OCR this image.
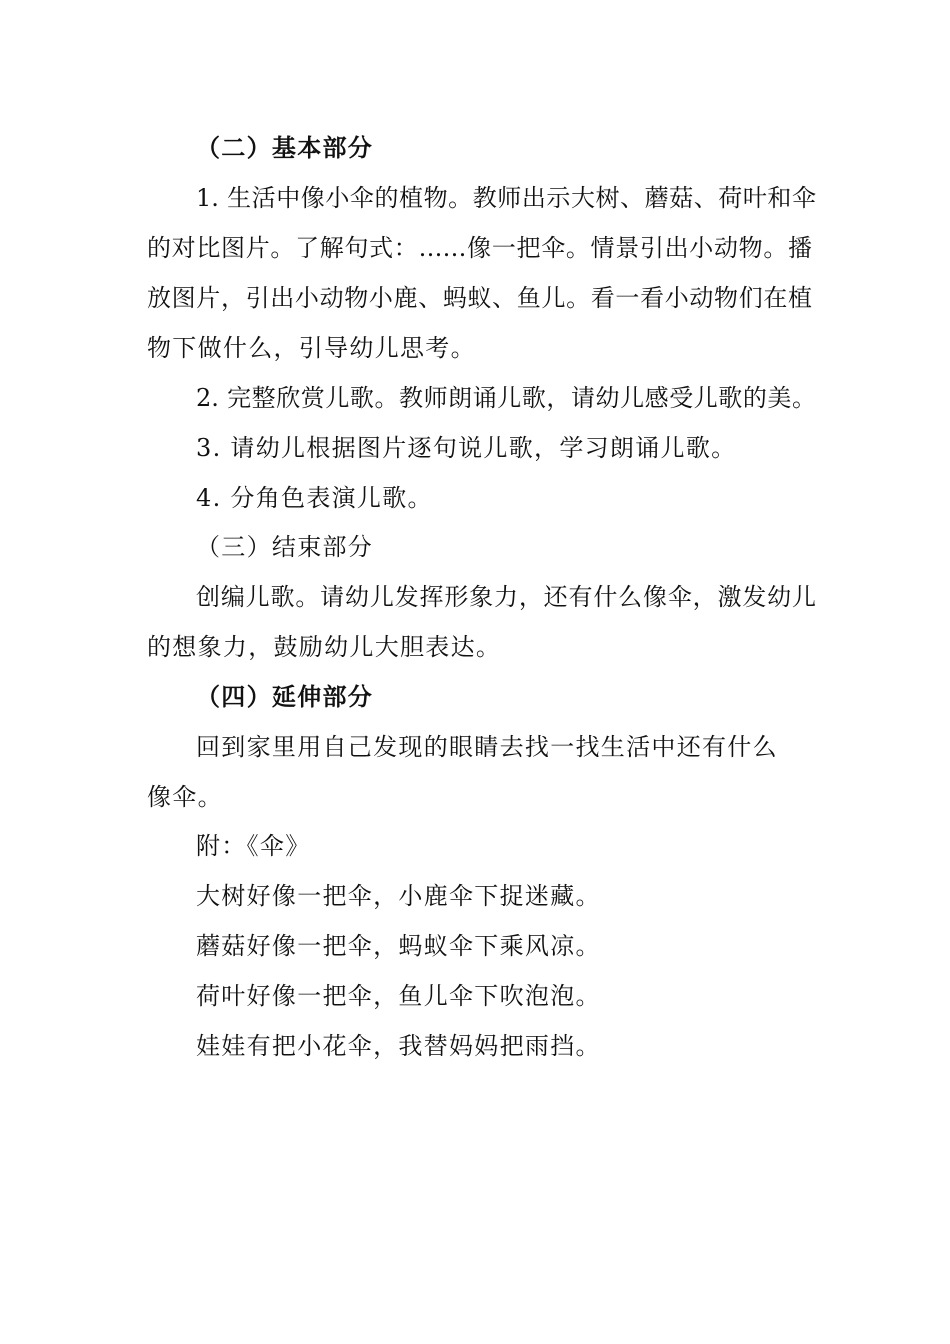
（二）基本部分
1. 生活中像小伞的植物。教师出示大树、蘑菇、荷叶和伞
的对比图片。了解句式：……像一把伞。情景引出小动物。播
放图片，引出小动物小鹿、蚂蚁、鱼儿。看一看小动物们在植
物下做什么，引导幼儿思考。
2. 完整欣赏儿歌。教师朗诵儿歌，请幼儿感受儿歌的美。
3. 请幼儿根据图片逐句说儿歌，学习朗诵儿歌。
4. 分角色表演儿歌。
（三）结束部分
创编儿歌。请幼儿发挥形象力，还有什么像伞，激发幼儿
的想象力，鼓励幼儿大胆表达。
（四）延伸部分
回到家里用自己发现的眼睛去找一找生活中还有什么
像伞。
附：《伞》
大树好像一把伞，小鹿伞下捉迷藏。
蘑菇好像一把伞，蚂蚁伞下乘风凉。
荷叶好像一把伞，鱼儿伞下吹泡泡。
娃娃有把小花伞，我替妈妈把雨挡。
